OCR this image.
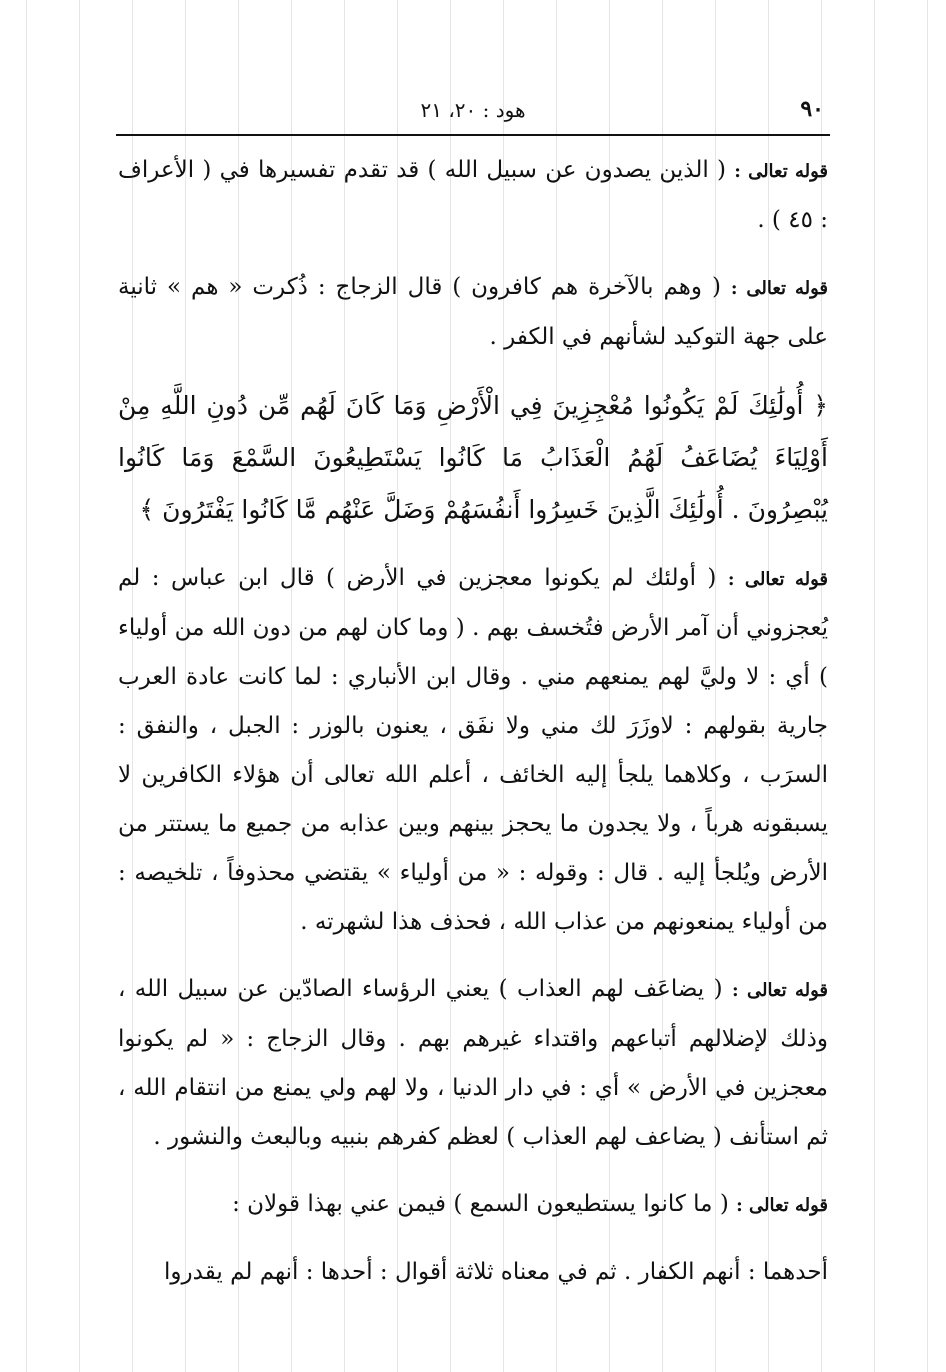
٩٠
هود : ٢٠، ٢١

قوله تعالى : ( الذين يصدون عن سبيل الله ) قد تقدم تفسيرها في ( الأعراف : ٤٥ ) .

قوله تعالى : ( وهم بالآخرة هم كافرون ) قال الزجاج : ذُكرت « هم » ثانية على جهة التوكيد لشأنهم في الكفر .

﴿ أُولَٰئِكَ لَمْ يَكُونُوا مُعْجِزِينَ فِي الْأَرْضِ وَمَا كَانَ لَهُم مِّن دُونِ اللَّهِ مِنْ أَوْلِيَاءَ يُضَاعَفُ لَهُمُ الْعَذَابُ مَا كَانُوا يَسْتَطِيعُونَ السَّمْعَ وَمَا كَانُوا يُبْصِرُونَ . أُولَٰئِكَ الَّذِينَ خَسِرُوا أَنفُسَهُمْ وَضَلَّ عَنْهُم مَّا كَانُوا يَفْتَرُونَ ﴾

قوله تعالى : ( أولئك لم يكونوا معجزين في الأرض ) قال ابن عباس : لم يُعجزوني أن آمر الأرض فتُخسف بهم . ( وما كان لهم من دون الله من أولياء ) أي : لا وليَّ لهم يمنعهم مني . وقال ابن الأنباري : لما كانت عادة العرب جارية بقولهم : لاوزَرَ لك مني ولا نفَق ، يعنون بالوزر : الجبل ، والنفق : السرَب ، وكلاهما يلجأ إليه الخائف ، أعلم الله تعالى أن هؤلاء الكافرين لا يسبقونه هرباً ، ولا يجدون ما يحجز بينهم وبين عذابه من جميع ما يستتر من الأرض ويُلجأ إليه . قال : وقوله : « من أولياء » يقتضي محذوفاً ، تلخيصه : من أولياء يمنعونهم من عذاب الله ، فحذف هذا لشهرته .

قوله تعالى : ( يضاعَف لهم العذاب ) يعني الرؤساء الصادّين عن سبيل الله ، وذلك لإضلالهم أتباعهم واقتداء غيرهم بهم . وقال الزجاج : « لم يكونوا معجزين في الأرض » أي : في دار الدنيا ، ولا لهم ولي يمنع من انتقام الله ، ثم استأنف ( يضاعف لهم العذاب ) لعظم كفرهم بنبيه وبالبعث والنشور .

قوله تعالى : ( ما كانوا يستطيعون السمع ) فيمن عني بهذا قولان :

أحدهما : أنهم الكفار . ثم في معناه ثلاثة أقوال : أحدها : أنهم لم يقدروا
